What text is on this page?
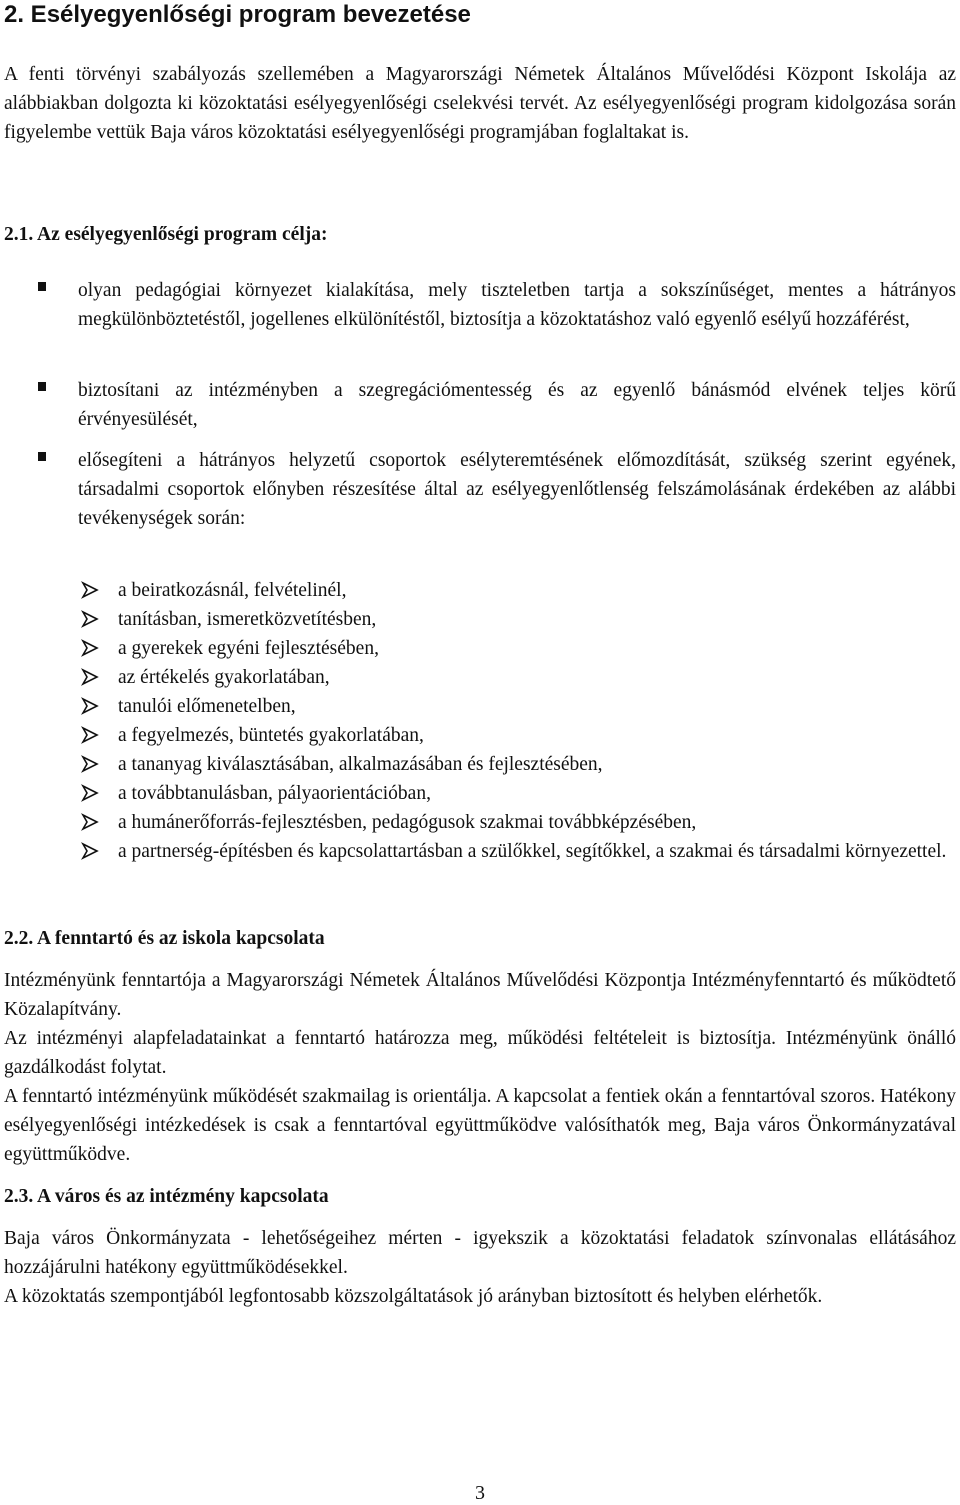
2. Esélyegyenlőségi program bevezetése

A fenti törvényi szabályozás szellemében a Magyarországi Németek Általános Művelődési Központ Iskolája az alábbiakban dolgozta ki közoktatási esélyegyenlőségi cselekvési tervét. Az esélyegyenlőségi program kidolgozása során figyelembe vettük Baja város közoktatási esélyegyenlőségi programjában foglaltakat is.

2.1. Az esélyegyenlőségi program célja:

olyan pedagógiai környezet kialakítása, mely tiszteletben tartja a sokszínűséget, mentes a hátrányos megkülönböztetéstől, jogellenes elkülönítéstől, biztosítja a közoktatáshoz való egyenlő esélyű hozzáférést,

biztosítani az intézményben a szegregációmentesség és az egyenlő bánásmód elvének teljes körű érvényesülését,

elősegíteni a hátrányos helyzetű csoportok esélyteremtésének előmozdítását, szükség szerint egyének, társadalmi csoportok előnyben részesítése által az esélyegyenlőtlenség felszámolásának érdekében az alábbi tevékenységek során:

a beiratkozásnál, felvételinél,

tanításban, ismeretközvetítésben,

a gyerekek egyéni fejlesztésében,

az értékelés gyakorlatában,

tanulói előmenetelben,

a fegyelmezés, büntetés gyakorlatában,

a tananyag kiválasztásában, alkalmazásában és fejlesztésében,

a továbbtanulásban, pályaorientációban,

a humánerőforrás-fejlesztésben, pedagógusok szakmai továbbképzésében,

a partnerség-építésben és kapcsolattartásban a szülőkkel, segítőkkel, a szakmai és társadalmi környezettel.

2.2. A fenntartó és az iskola kapcsolata

Intézményünk fenntartója a Magyarországi Németek Általános Művelődési Központja Intézményfenntartó és működtető Közalapítvány.

Az intézményi alapfeladatainkat a fenntartó határozza meg, működési feltételeit is biztosítja. Intézményünk önálló gazdálkodást folytat.

A fenntartó intézményünk működését szakmailag is orientálja. A kapcsolat a fentiek okán a fenntartóval szoros. Hatékony esélyegyenlőségi intézkedések is csak a fenntartóval együttműködve valósíthatók meg, Baja város Önkormányzatával együttműködve.

2.3. A város és az intézmény kapcsolata

Baja város Önkormányzata - lehetőségeihez mérten - igyekszik a közoktatási feladatok színvonalas ellátásához hozzájárulni hatékony együttműködésekkel.

A közoktatás szempontjából legfontosabb közszolgáltatások jó arányban biztosított és helyben elérhetők.

3
